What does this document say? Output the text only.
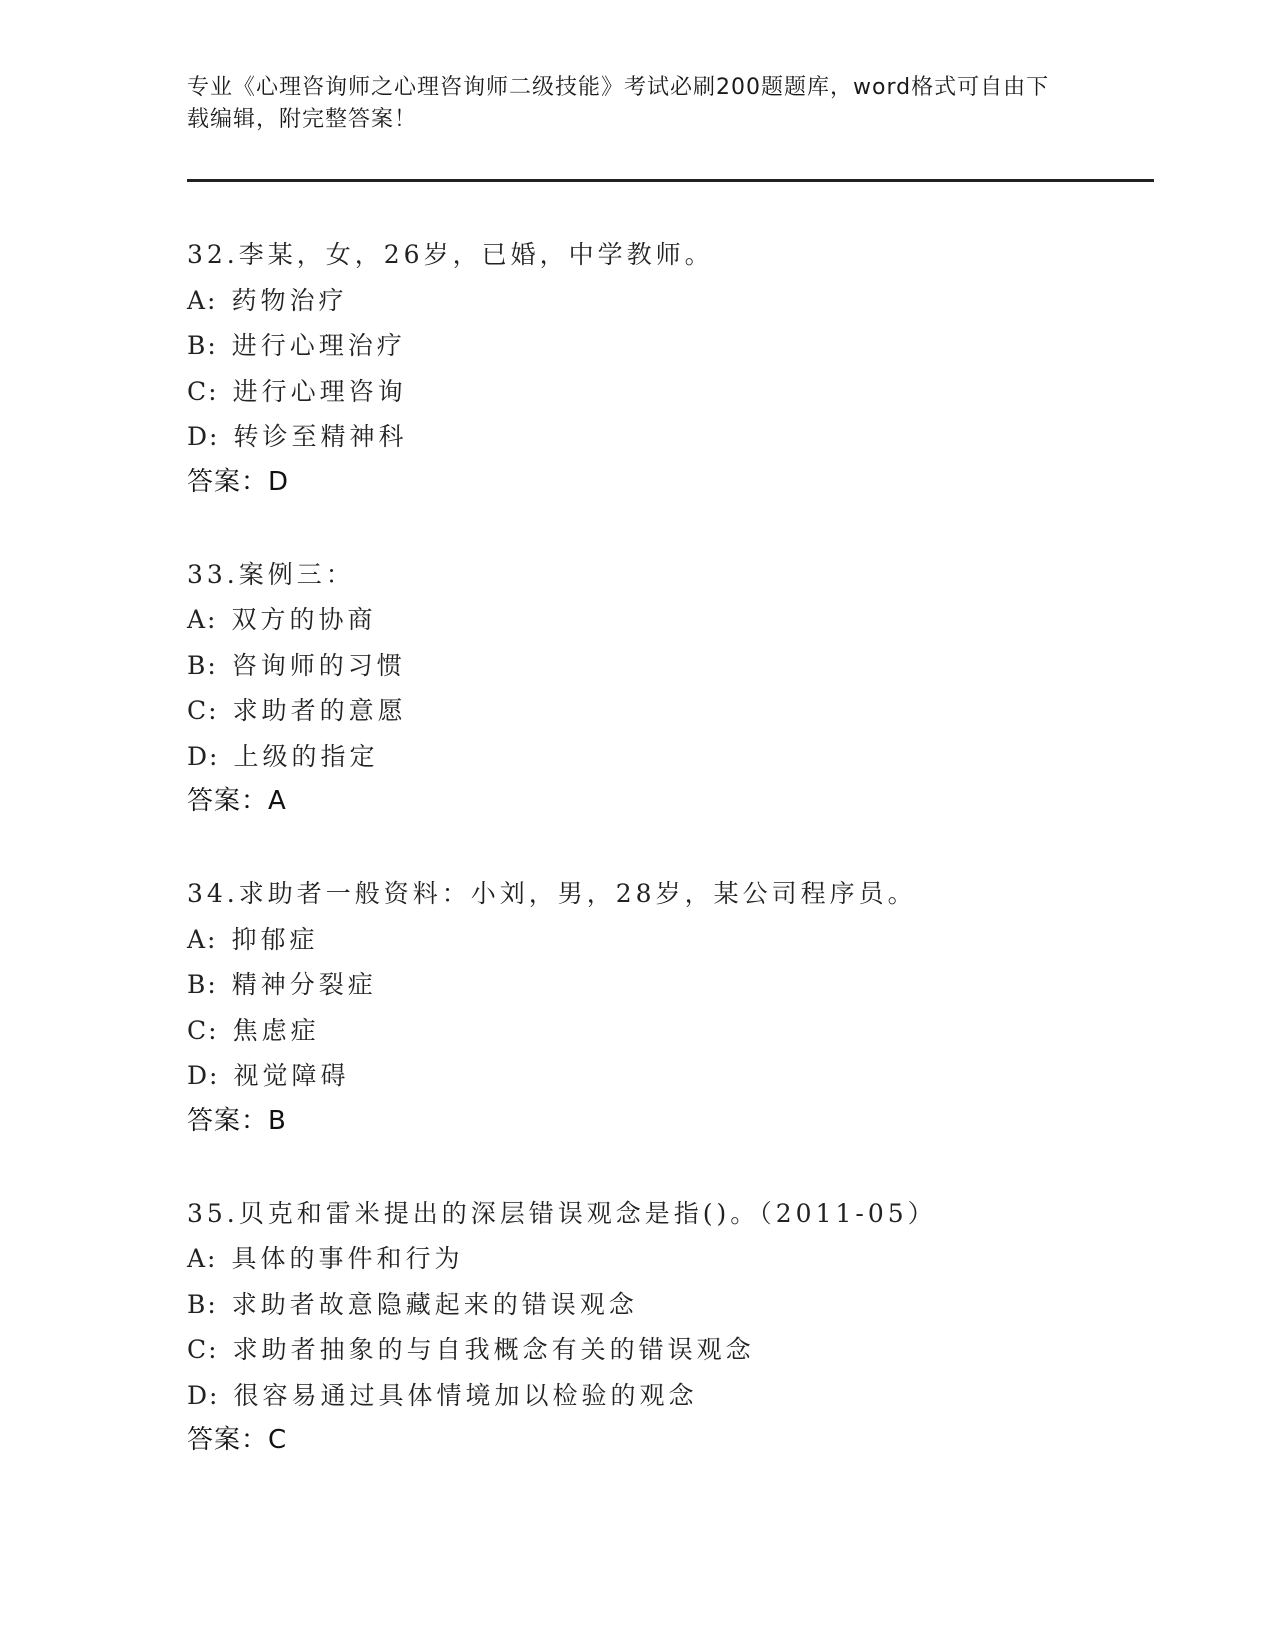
专业《心理咨询师之心理咨询师二级技能》考试必刷200题题库，word格式可自由下载编辑，附完整答案！
32.李某，女，26岁，已婚，中学教师。
A: 药物治疗
B: 进行心理治疗
C: 进行心理咨询
D: 转诊至精神科
答案：D
33.案例三：
A: 双方的协商
B: 咨询师的习惯
C: 求助者的意愿
D: 上级的指定
答案：A
34.求助者一般资料：小刘，男，28岁，某公司程序员。
A: 抑郁症
B: 精神分裂症
C: 焦虑症
D: 视觉障碍
答案：B
35.贝克和雷米提出的深层错误观念是指()。（2011-05）
A: 具体的事件和行为
B: 求助者故意隐藏起来的错误观念
C: 求助者抽象的与自我概念有关的错误观念
D: 很容易通过具体情境加以检验的观念
答案：C
